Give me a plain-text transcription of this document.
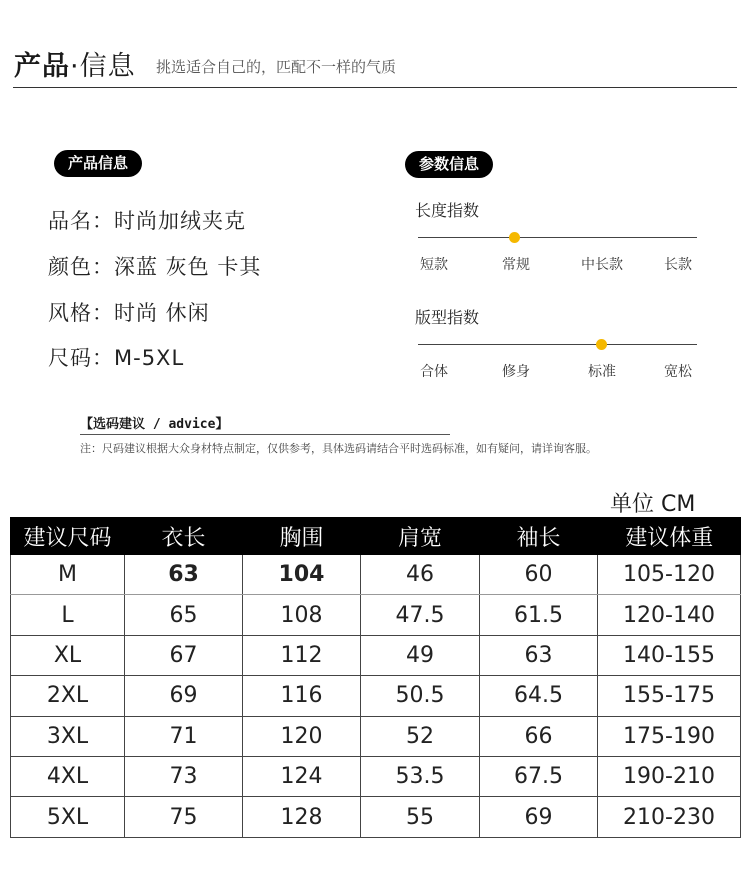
产品·信息 挑选适合自己的，匹配不一样的气质
产品信息
品名：时尚加绒夹克
颜色：深蓝 灰色 卡其
风格：时尚 休闲
尺码：M-5XL
参数信息
长度指数
短款	常规	中长款	长款
版型指数
合体	修身	标准	宽松
【选码建议 / advice】
注：尺码建议根据大众身材特点制定，仅供参考，具体选码请结合平时选码标准，如有疑问，请详询客服。
单位 CM
建议尺码	衣长	胸围	肩宽	袖长	建议体重
M	63	104	46	60	105-120
L	65	108	47.5	61.5	120-140
XL	67	112	49	63	140-155
2XL	69	116	50.5	64.5	155-175
3XL	71	120	52	66	175-190
4XL	73	124	53.5	67.5	190-210
5XL	75	128	55	69	210-230
